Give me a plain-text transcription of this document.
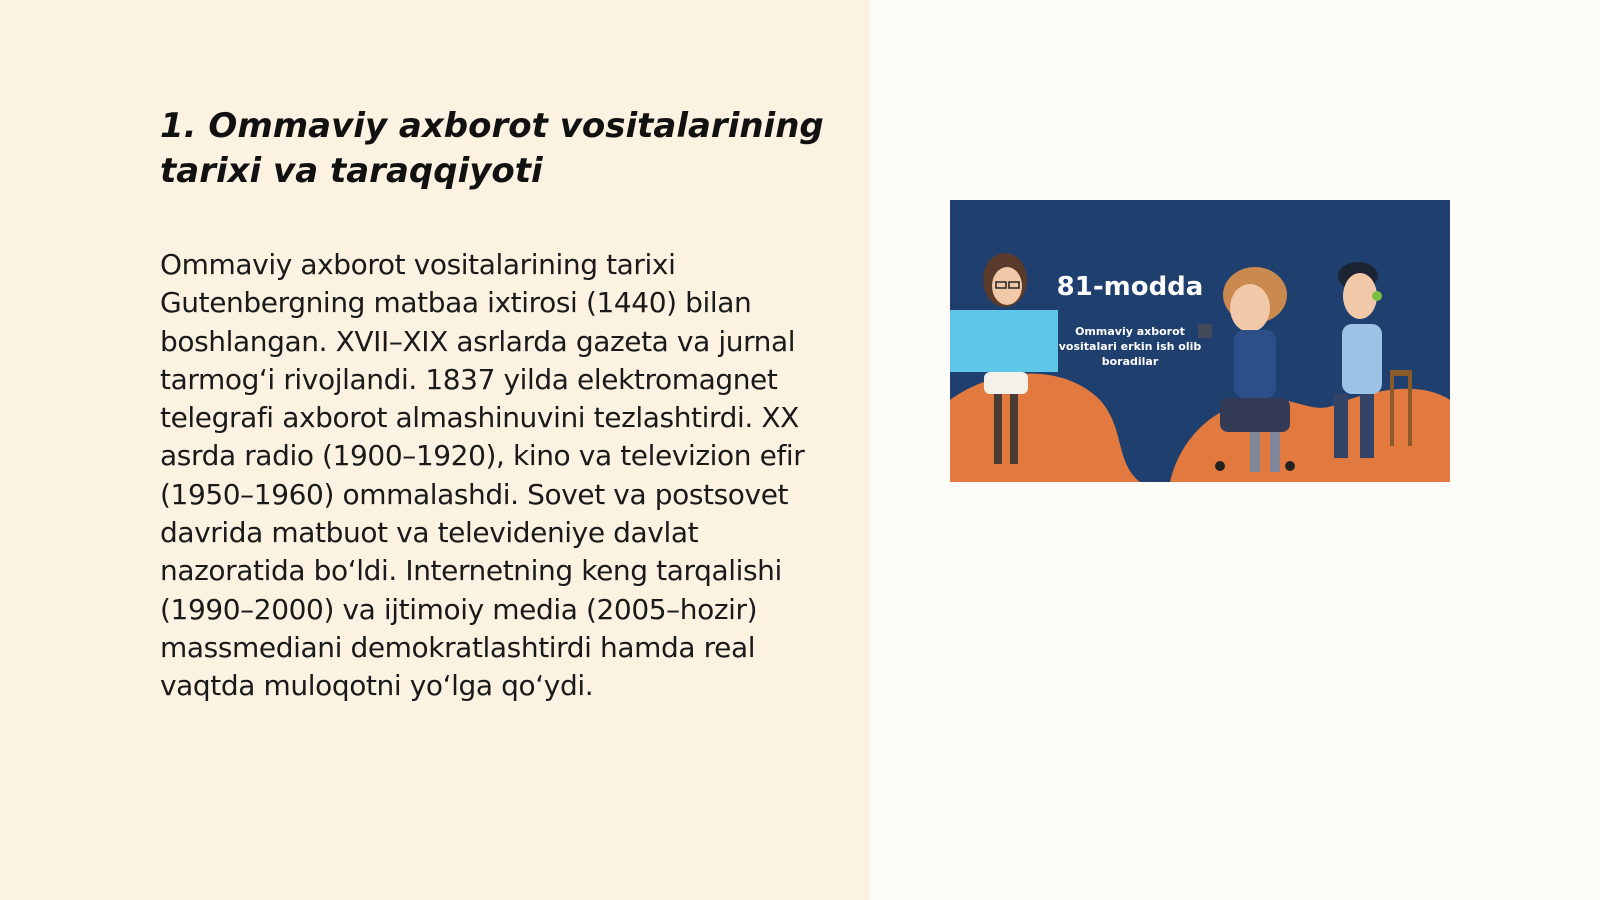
1. Ommaviy axborot vositalarining tarixi va taraqqiyoti

Ommaviy axborot vositalarining tarixi Gutenbergning matbaa ixtirosi (1440) bilan boshlangan. XVII–XIX asrlarda gazeta va jurnal tarmog‘i rivojlandi. 1837 yilda elektromagnet telegrafi axborot almashinuvini tezlashtirdi. XX asrda radio (1900–1920), kino va televizion efir (1950–1960) ommalashdi. Sovet va postsovet davrida matbuot va televideniye davlat nazoratida bo‘ldi. Internetning keng tarqalishi (1990–2000) va ijtimoiy media (2005–hozir) massmediani demokratlashtirdi hamda real vaqtda muloqotni yo‘lga qo‘ydi.

81-modda
Ommaviy axborot vositalari erkin ish olib boradilar
